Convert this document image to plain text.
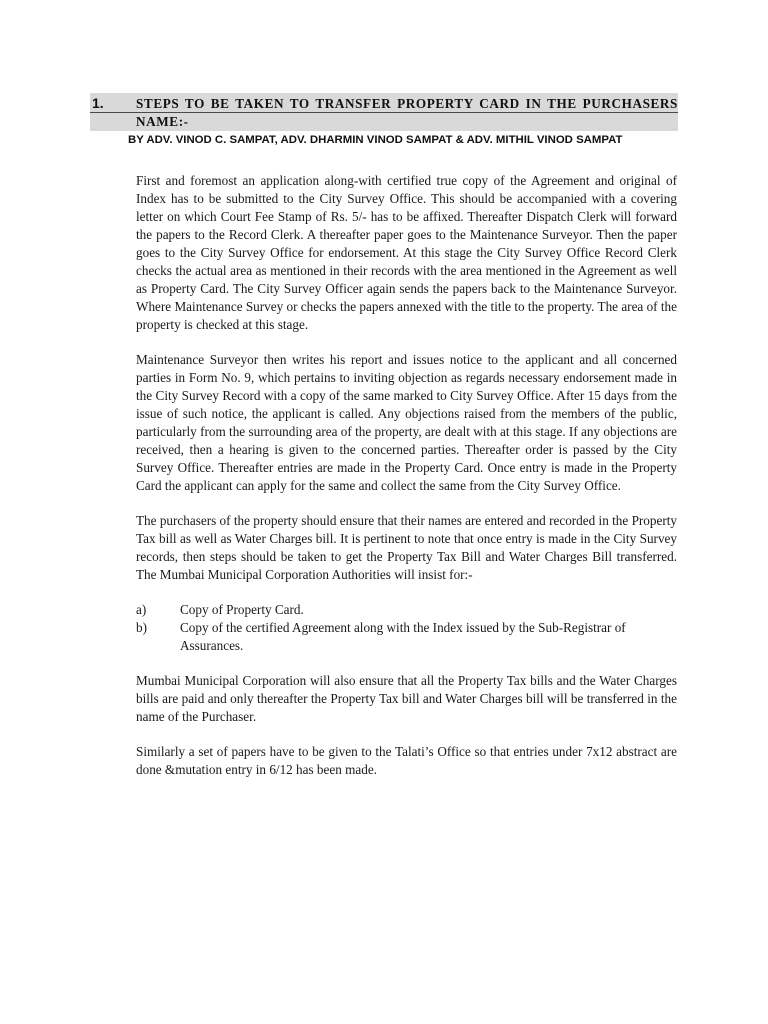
1. STEPS TO BE TAKEN TO TRANSFER PROPERTY CARD IN THE PURCHASERS NAME:-
BY ADV. VINOD C. SAMPAT, ADV. DHARMIN VINOD SAMPAT & ADV. MITHIL VINOD SAMPAT

First and foremost an application along-with certified true copy of the Agreement and original of Index has to be submitted to the City Survey Office. This should be accompanied with a covering letter on which Court Fee Stamp of Rs. 5/- has to be affixed. Thereafter Dispatch Clerk will forward the papers to the Record Clerk. A thereafter paper goes to the Maintenance Surveyor. Then the paper goes to the City Survey Office for endorsement. At this stage the City Survey Office Record Clerk checks the actual area as mentioned in their records with the area mentioned in the Agreement as well as Property Card. The City Survey Officer again sends the papers back to the Maintenance Surveyor. Where Maintenance Survey or checks the papers annexed with the title to the property. The area of the property is checked at this stage.

Maintenance Surveyor then writes his report and issues notice to the applicant and all concerned parties in Form No. 9, which pertains to inviting objection as regards necessary endorsement made in the City Survey Record with a copy of the same marked to City Survey Office. After 15 days from the issue of such notice, the applicant is called. Any objections raised from the members of the public, particularly from the surrounding area of the property, are dealt with at this stage. If any objections are received, then a hearing is given to the concerned parties. Thereafter order is passed by the City Survey Office. Thereafter entries are made in the Property Card. Once entry is made in the Property Card the applicant can apply for the same and collect the same from the City Survey Office.

The purchasers of the property should ensure that their names are entered and recorded in the Property Tax bill as well as Water Charges bill. It is pertinent to note that once entry is made in the City Survey records, then steps should be taken to get the Property Tax Bill and Water Charges Bill transferred. The Mumbai Municipal Corporation Authorities will insist for:-

a)	Copy of Property Card.
b)	Copy of the certified Agreement along with the Index issued by the Sub-Registrar of Assurances.

Mumbai Municipal Corporation will also ensure that all the Property Tax bills and the Water Charges bills are paid and only thereafter the Property Tax bill and Water Charges bill will be transferred in the name of the Purchaser.

Similarly a set of papers have to be given to the Talati’s Office so that entries under 7x12 abstract are done &mutation entry in 6/12 has been made.
